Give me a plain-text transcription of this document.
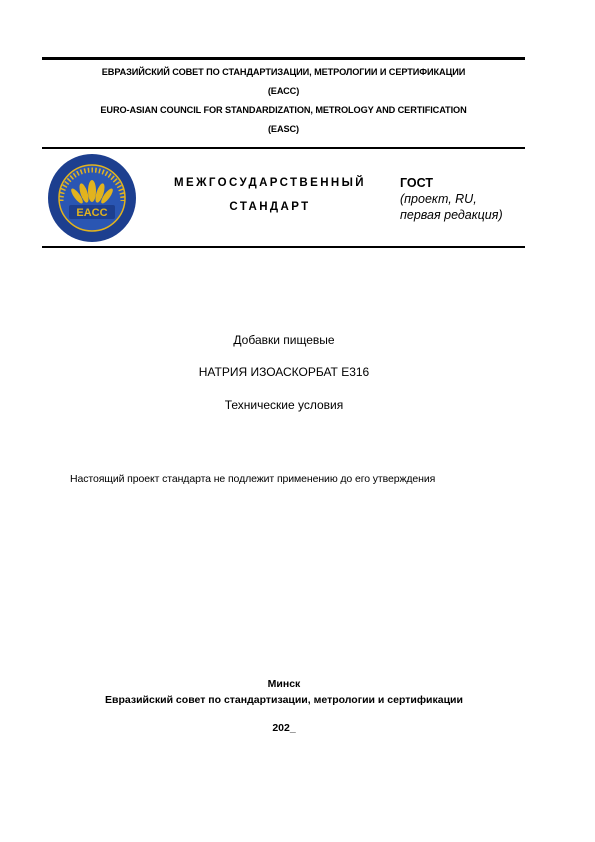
ЕВРАЗИЙСКИЙ СОВЕТ ПО СТАНДАРТИЗАЦИИ, МЕТРОЛОГИИ И СЕРТИФИКАЦИИ
(ЕАСС)
EURO-ASIAN COUNCIL FOR STANDARDIZATION, METROLOGY AND CERTIFICATION
(EASC)
EACC
МЕЖГОСУДАРСТВЕННЫЙ
СТАНДАРТ
ГОСТ
(проект, RU,
первая редакция)
Добавки пищевые
НАТРИЯ ИЗОАСКОРБАТ Е316
Технические условия
Настоящий проект стандарта не подлежит применению до его утверждения
Минск
Евразийский совет по стандартизации, метрологии и сертификации
202_
